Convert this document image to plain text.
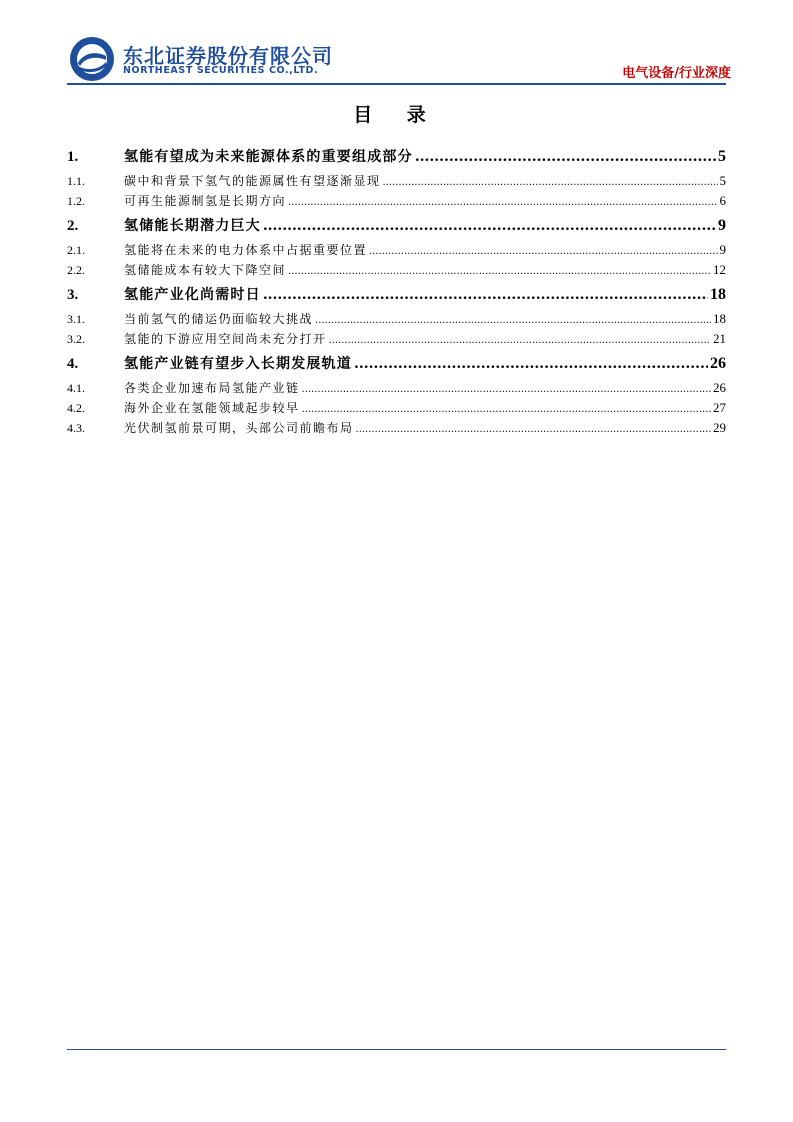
东北证券股份有限公司
NORTHEAST SECURITIES CO.,LTD.	电气设备/行业深度
目 录
1.	氢能有望成为未来能源体系的重要组成部分 .....	5
1.1.	碳中和背景下氢气的能源属性有望逐渐显现 .....	5
1.2.	可再生能源制氢是长期方向 .....	6
2.	氢储能长期潜力巨大 .....	9
2.1.	氢能将在未来的电力体系中占据重要位置 .....	9
2.2.	氢储能成本有较大下降空间 .....	12
3.	氢能产业化尚需时日 .....	18
3.1.	当前氢气的储运仍面临较大挑战 .....	18
3.2.	氢能的下游应用空间尚未充分打开 .....	21
4.	氢能产业链有望步入长期发展轨道 .....	26
4.1.	各类企业加速布局氢能产业链 .....	26
4.2.	海外企业在氢能领域起步较早 .....	27
4.3.	光伏制氢前景可期，头部公司前瞻布局 .....	29
